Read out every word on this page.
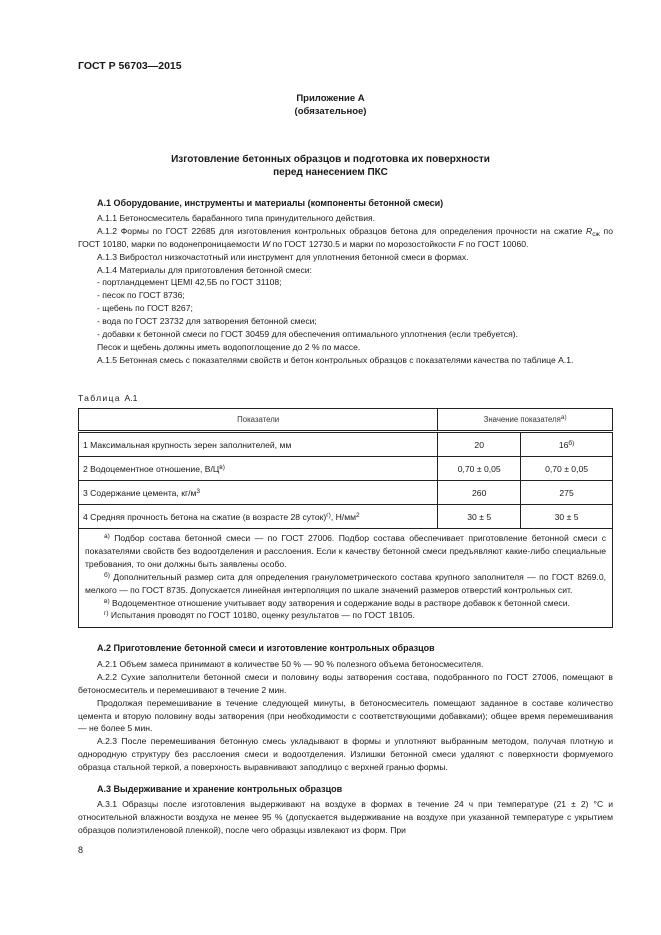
ГОСТ Р 56703—2015
Приложение А
(обязательное)
Изготовление бетонных образцов и подготовка их поверхности
перед нанесением ПКС

А.1 Оборудование, инструменты и материалы (компоненты бетонной смеси)

А.1.1 Бетоносмеситель барабанного типа принудительного действия.

А.1.2 Формы по ГОСТ 22685 для изготовления контрольных образцов бетона для определения прочности на сжатие $R_{сж}$ по ГОСТ 10180, марки по водонепроницаемости W по ГОСТ 12730.5 и марки по морозостойкости F по ГОСТ 10060.

А.1.3 Вибростол низкочастотный или инструмент для уплотнения бетонной смеси в формах.

А.1.4 Материалы для приготовления бетонной смеси:

- портландцемент ЦЕМI 42,5Б по ГОСТ 31108;

- песок по ГОСТ 8736;

- щебень по ГОСТ 8267;

- вода по ГОСТ 23732 для затворения бетонной смеси;

- добавки к бетонной смеси по ГОСТ 30459 для обеспечения оптимального уплотнения (если требуется).

Песок и щебень должны иметь водопоглощение до 2 % по массе.

А.1.5 Бетонная смесь с показателями свойств и бетон контрольных образцов с показателями качества по таблице А.1.

Таблица А.1
Показатели	Значение показателя$^{а)}$
1 Максимальная крупность зерен заполнителей, мм	20	$16^{б)}$
2 Водоцементное отношение, $В/Ц^{в)}$	0,70 ± 0,05	0,70 ± 0,05
3 Содержание цемента, $кг/м^3$	260	275
4 Средняя прочность бетона на сжатие (в возрасте 28 суток)$^{г)}$, $Н/мм^2$	30 ± 5	30 ± 5

$^{а)}$ Подбор состава бетонной смеси — по ГОСТ 27006. Подбор состава обеспечивает приготовление бетонной смеси с показателями свойств без водоотделения и расслоения. Если к качеству бетонной смеси предъявляют какие-либо специальные требования, то они должны быть заявлены особо.

$^{б)}$ Дополнительный размер сита для определения гранулометрического состава крупного заполнителя — по ГОСТ 8269.0, мелкого — по ГОСТ 8735. Допускается линейная интерполяция по шкале значений размеров отверстий контрольных сит.

$^{в)}$ Водоцементное отношение учитывает воду затворения и содержание воды в растворе добавок к бетонной смеси.

$^{г)}$ Испытания проводят по ГОСТ 10180, оценку результатов — по ГОСТ 18105.		

А.2 Приготовление бетонной смеси и изготовление контрольных образцов

А.2.1 Объем замеса принимают в количестве 50 % — 90 % полезного объема бетоносмесителя.

А.2.2 Сухие заполнители бетонной смеси и половину воды затворения состава, подобранного по ГОСТ 27006, помещают в бетоносмеситель и перемешивают в течение 2 мин.

Продолжая перемешивание в течение следующей минуты, в бетоносмеситель помещают заданное в составе количество цемента и вторую половину воды затворения (при необходимости с соответствующими добавками); общее время перемешивания — не более 5 мин.

А.2.3 После перемешивания бетонную смесь укладывают в формы и уплотняют выбранным методом, получая плотную и однородную структуру без расслоения смеси и водоотделения. Излишки бетонной смеси удаляют с поверхности формуемого образца стальной теркой, а поверхность выравнивают заподлицо с верхней гранью формы.

А.3 Выдерживание и хранение контрольных образцов

А.3.1 Образцы после изготовления выдерживают на воздухе в формах в течение 24 ч при температуре (21 ± 2) °С и относительной влажности воздуха не менее 95 % (допускается выдерживание на воздухе при указанной температуре с укрытием образцов полиэтиленовой пленкой), после чего образцы извлекают из форм. При

8
